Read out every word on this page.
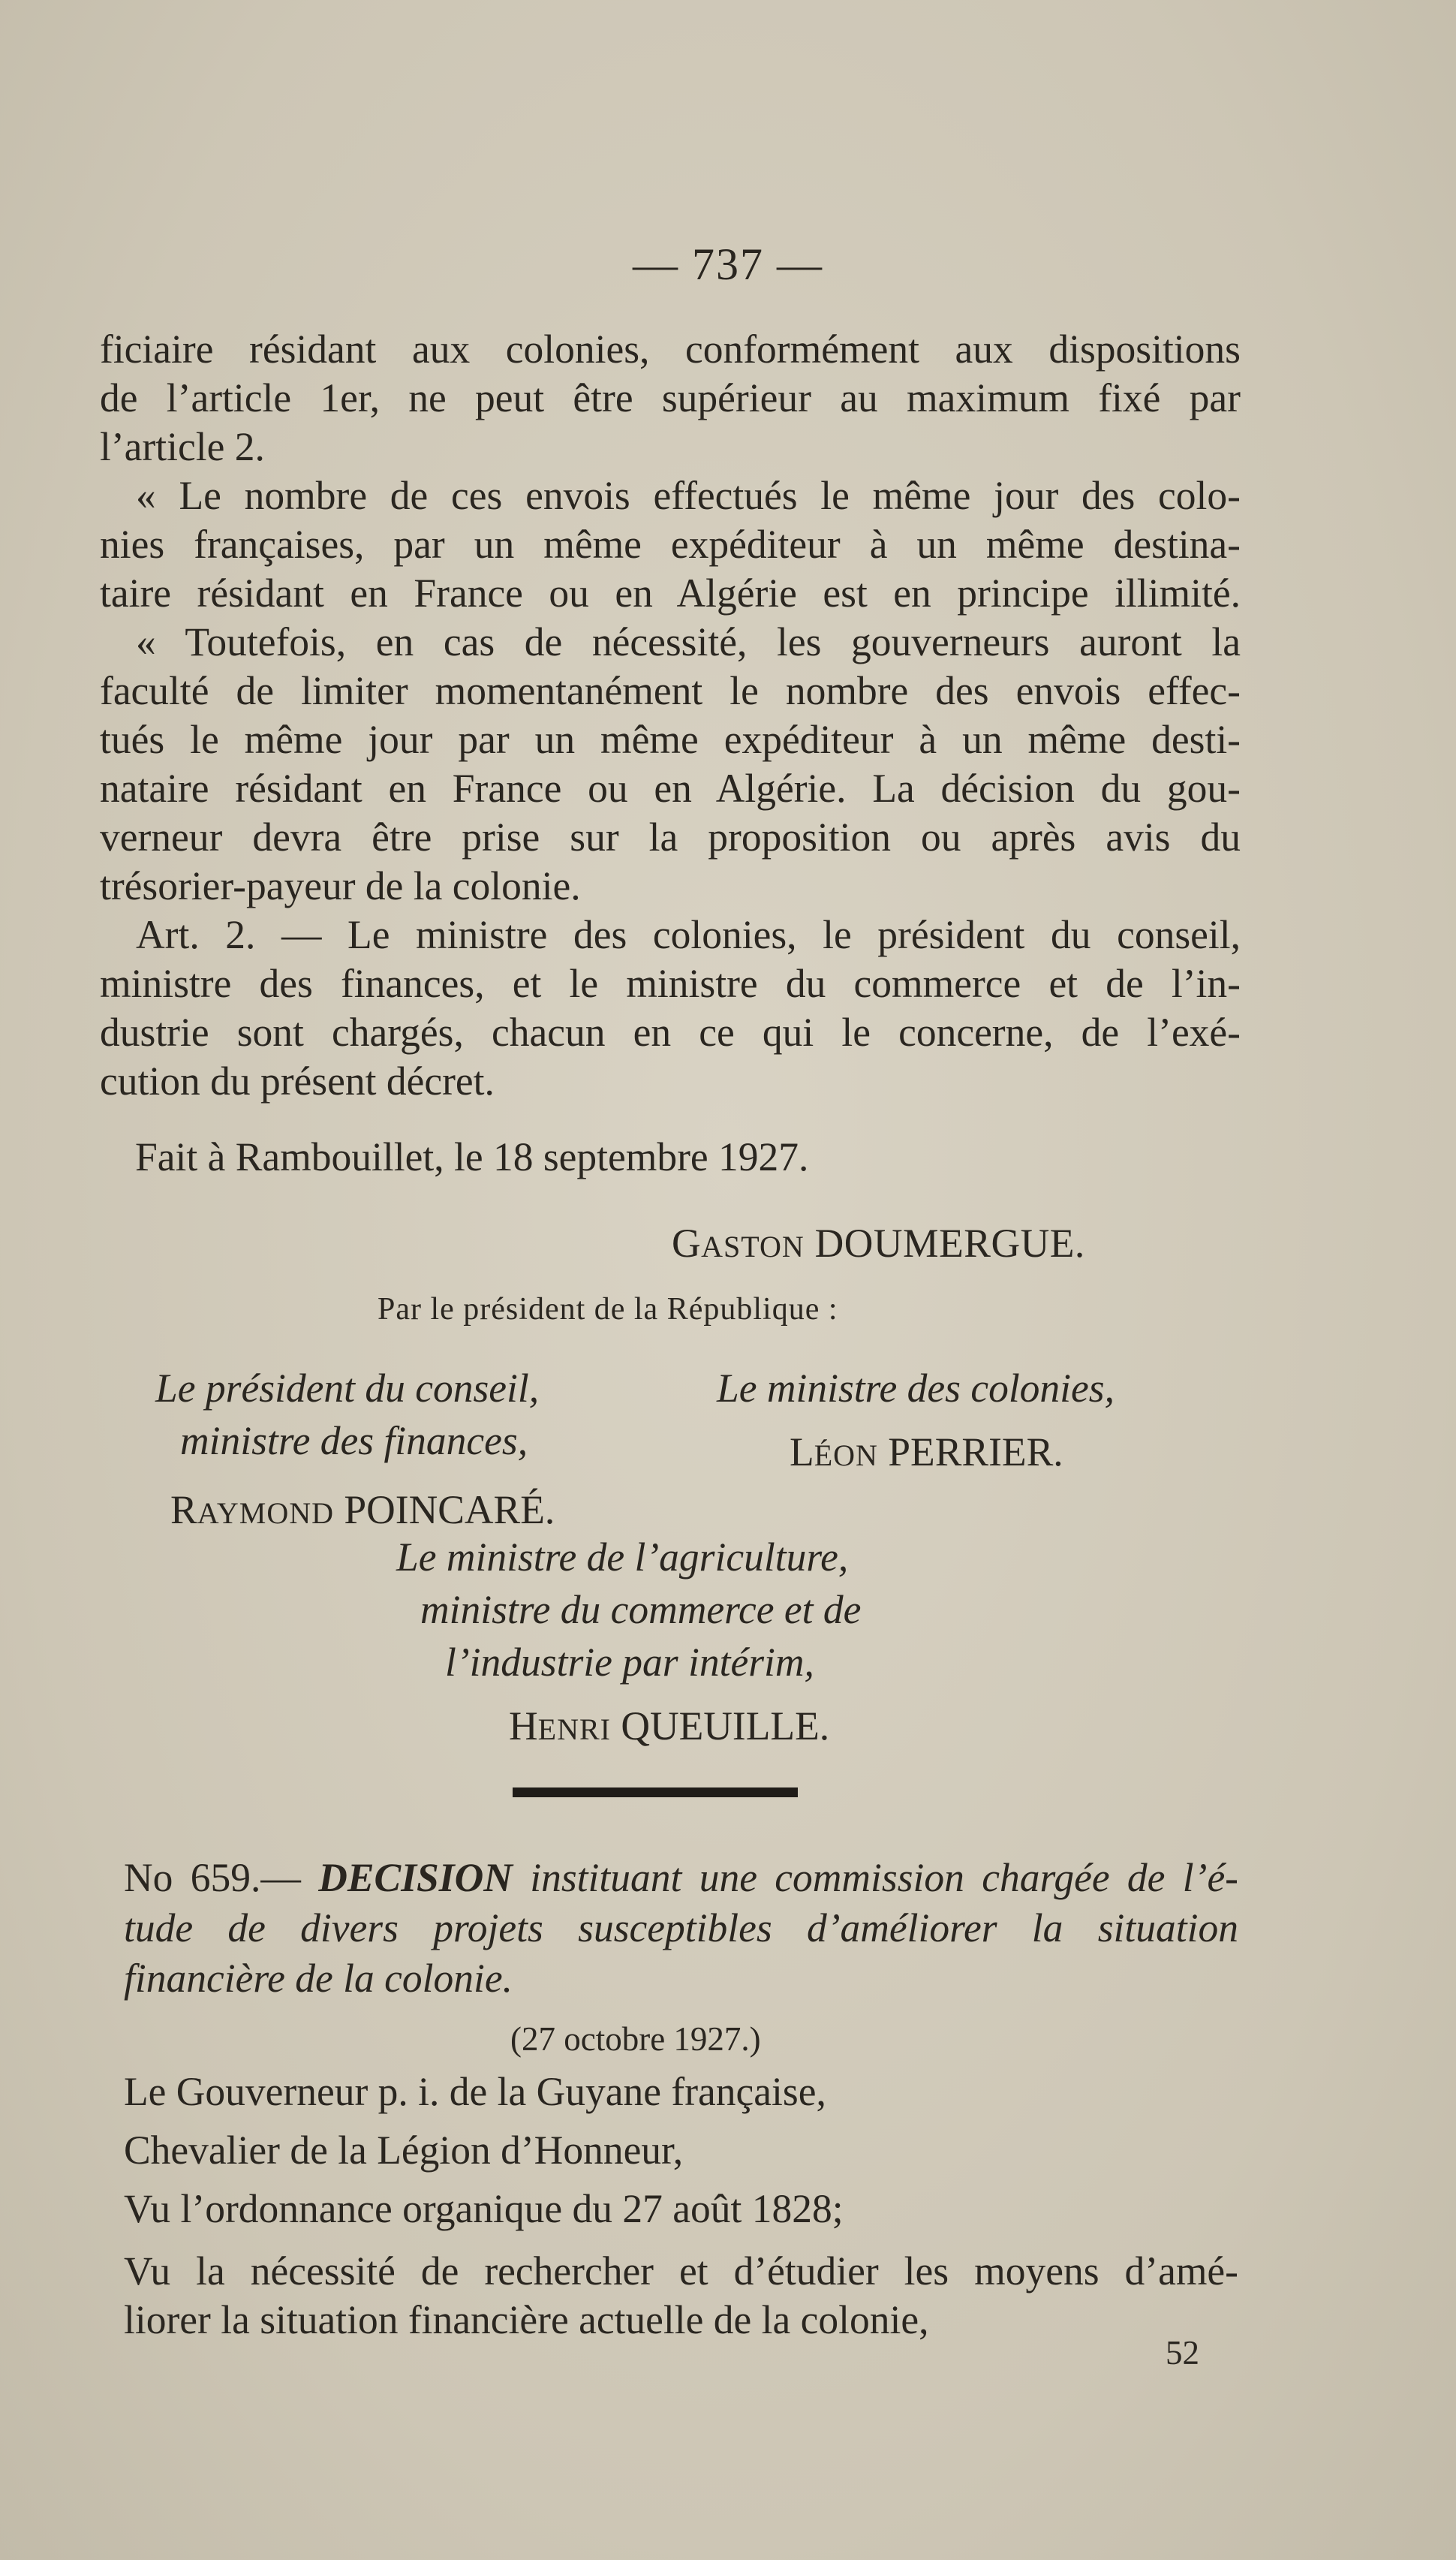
— 737 —
ficiaire résidant aux colonies, conformément aux dispositions
de l’article 1er, ne peut être supérieur au maximum fixé par
l’article 2.
« Le nombre de ces envois effectués le même jour des colo-
nies françaises, par un même expéditeur à un même destina-
taire résidant en France ou en Algérie est en principe illimité.
« Toutefois, en cas de nécessité, les gouverneurs auront la
faculté de limiter momentanément le nombre des envois effec-
tués le même jour par un même expéditeur à un même desti-
nataire résidant en France ou en Algérie. La décision du gou-
verneur devra être prise sur la proposition ou après avis du
trésorier-payeur de la colonie.
Art. 2. — Le ministre des colonies, le président du conseil,
ministre des finances, et le ministre du commerce et de l’in-
dustrie sont chargés, chacun en ce qui le concerne, de l’exé-
cution du présent décret.
Fait à Rambouillet, le 18 septembre 1927.
GASTON DOUMERGUE.
Par le président de la République :
Le président du conseil,
ministre des finances,
RAYMOND POINCARÉ.
Le ministre des colonies,
LÉON PERRIER.
Le ministre de l’agriculture,
ministre du commerce et de
l’industrie par intérim,
HENRI QUEUILLE.
No 659.— DECISION instituant une commission chargée de l’é-
tude de divers projets susceptibles d’améliorer la situation
financière de la colonie.
(27 octobre 1927.)
Le Gouverneur p. i. de la Guyane française,
Chevalier de la Légion d’Honneur,
Vu l’ordonnance organique du 27 août 1828;
Vu la nécessité de rechercher et d’étudier les moyens d’amé-
liorer la situation financière actuelle de la colonie,
52
